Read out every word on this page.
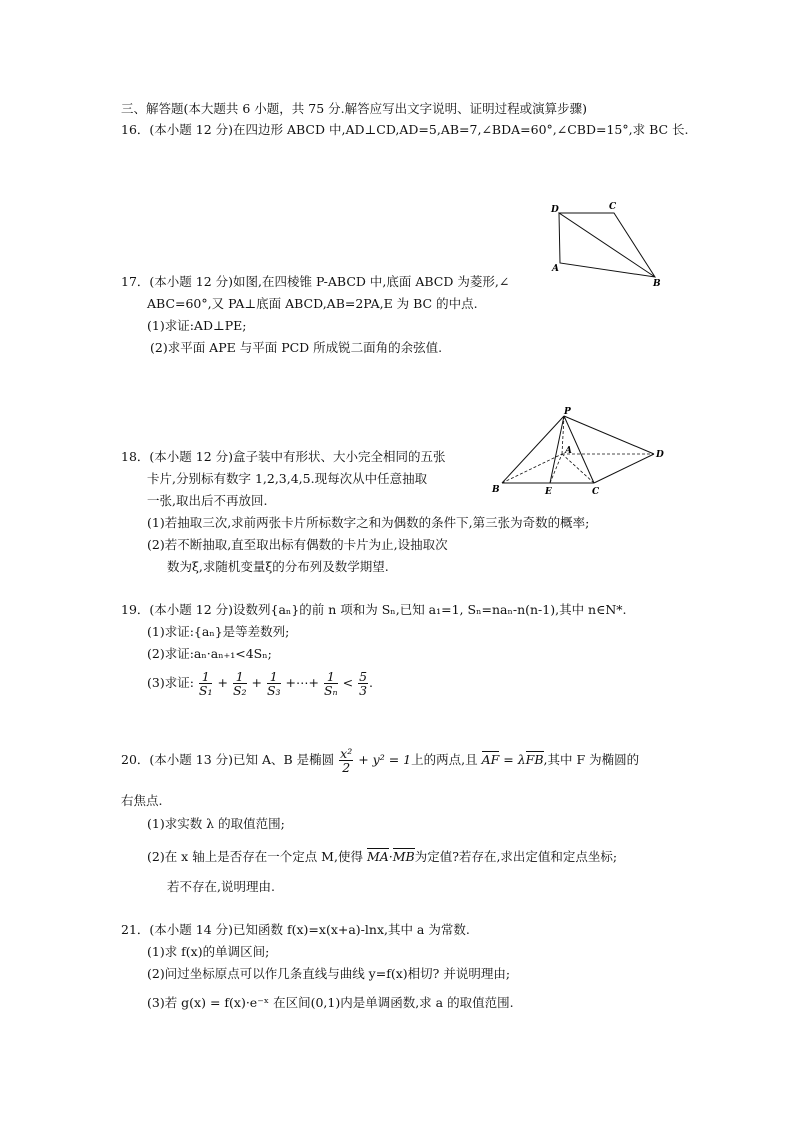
三、解答题(本大题共 6 小题，共 75 分.解答应写出文字说明、证明过程或演算步骤)
16．(本小题 12 分)在四边形 ABCD 中,AD⊥CD,AD=5,AB=7,∠BDA=60°,∠CBD=15°,求 BC 长.
D	C
A
B
17．(本小题 12 分)如图,在四棱锥 P-ABCD 中,底面 ABCD 为菱形,∠
ABC=60°,又 PA⊥底面 ABCD,AB=2PA,E 为 BC 的中点.
(1)求证:AD⊥PE;
(2)求平面 APE 与平面 PCD 所成锐二面角的余弦值.
P
A
B	E	C
D
18．(本小题 12 分)盒子装中有形状、大小完全相同的五张
卡片,分别标有数字 1,2,3,4,5.现每次从中任意抽取
一张,取出后不再放回.
(1)若抽取三次,求前两张卡片所标数字之和为偶数的条件下,第三张为奇数的概率;
(2)若不断抽取,直至取出标有偶数的卡片为止,设抽取次
数为ξ,求随机变量ξ的分布列及数学期望.
19．(本小题 12 分)设数列{aₙ}的前 n 项和为 Sₙ,已知 a₁=1, Sₙ=naₙ-n(n-1),其中 n∈N*.
(1)求证:{aₙ}是等差数列;
(2)求证:aₙ·aₙ₊₁<4Sₙ;
(3)求证: $\frac{1}{\text{S₁}} + \frac{1}{\text{S₂}} + \frac{1}{\text{S₃}}$ +⋯+ $\frac{1}{\text{Sₙ}} < \frac{5}{3}$ .
20．(本小题 13 分)已知 A、B 是椭圆 $\frac{\text{x²}}{2} + y^2 = 1$上的两点,且 AF = λFB,其中 F 为椭圆的
右焦点.
(1)求实数 λ 的取值范围;
(2)在 x 轴上是否存在一个定点 M,使得 MA·MB为定值?若存在,求出定值和定点坐标;
若不存在,说明理由.
21．(本小题 14 分)已知函数 f(x)=x(x+a)-lnx,其中 a 为常数.
(1)求 f(x)的单调区间;
(2)问过坐标原点可以作几条直线与曲线 y=f(x)相切? 并说明理由;
(3)若 g(x) = f(x)·e⁻ˣ 在区间(0,1)内是单调函数,求 a 的取值范围.
